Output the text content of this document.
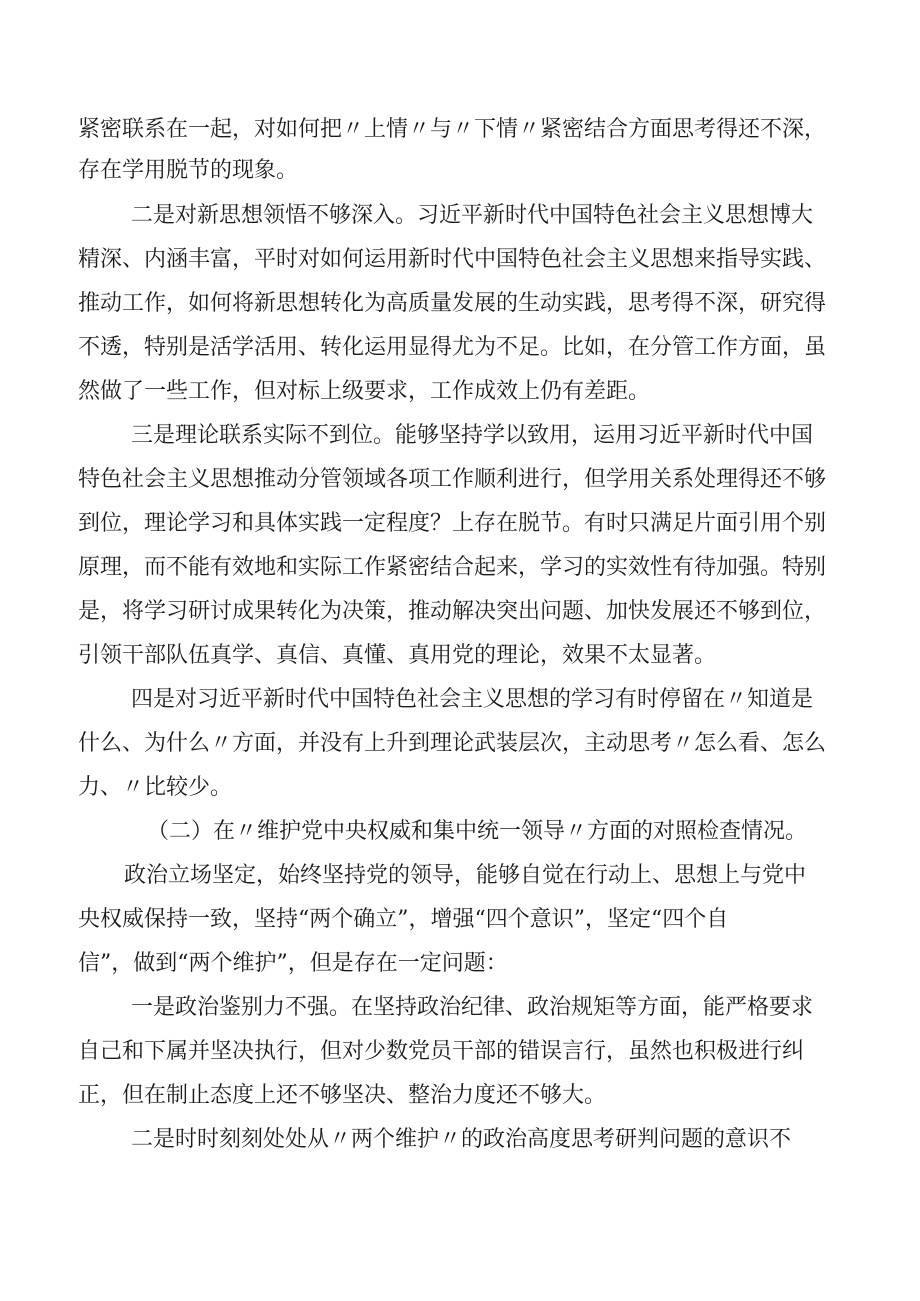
紧密联系在一起，对如何把〃上情〃与〃下情〃紧密结合方面思考得还不深，
存在学用脱节的现象。
二是对新思想领悟不够深入。习近平新时代中国特色社会主义思想博大
精深、内涵丰富，平时对如何运用新时代中国特色社会主义思想来指导实践、
推动工作，如何将新思想转化为高质量发展的生动实践，思考得不深，研究得
不透，特别是活学活用、转化运用显得尤为不足。比如，在分管工作方面，虽
然做了一些工作，但对标上级要求，工作成效上仍有差距。
三是理论联系实际不到位。能够坚持学以致用，运用习近平新时代中国
特色社会主义思想推动分管领域各项工作顺利进行，但学用关系处理得还不够
到位，理论学习和具体实践一定程度？上存在脱节。有时只满足片面引用个别
原理，而不能有效地和实际工作紧密结合起来，学习的实效性有待加强。特别
是，将学习研讨成果转化为决策，推动解决突出问题、加快发展还不够到位，
引领干部队伍真学、真信、真懂、真用党的理论，效果不太显著。
四是对习近平新时代中国特色社会主义思想的学习有时停留在〃知道是
什么、为什么〃方面，并没有上升到理论武装层次，主动思考〃怎么看、怎么
力、〃比较少。
（二）在〃维护党中央权威和集中统一领导〃方面的对照检查情况。
政治立场坚定，始终坚持党的领导，能够自觉在行动上、思想上与党中
央权威保持一致，坚持“两个确立”，增强“四个意识”，坚定“四个自
信”，做到“两个维护”，但是存在一定问题：
一是政治鉴别力不强。在坚持政治纪律、政治规矩等方面，能严格要求
自己和下属并坚决执行，但对少数党员干部的错误言行，虽然也积极进行纠
正，但在制止态度上还不够坚决、整治力度还不够大。
二是时时刻刻处处从〃两个维护〃的政治高度思考研判问题的意识不
